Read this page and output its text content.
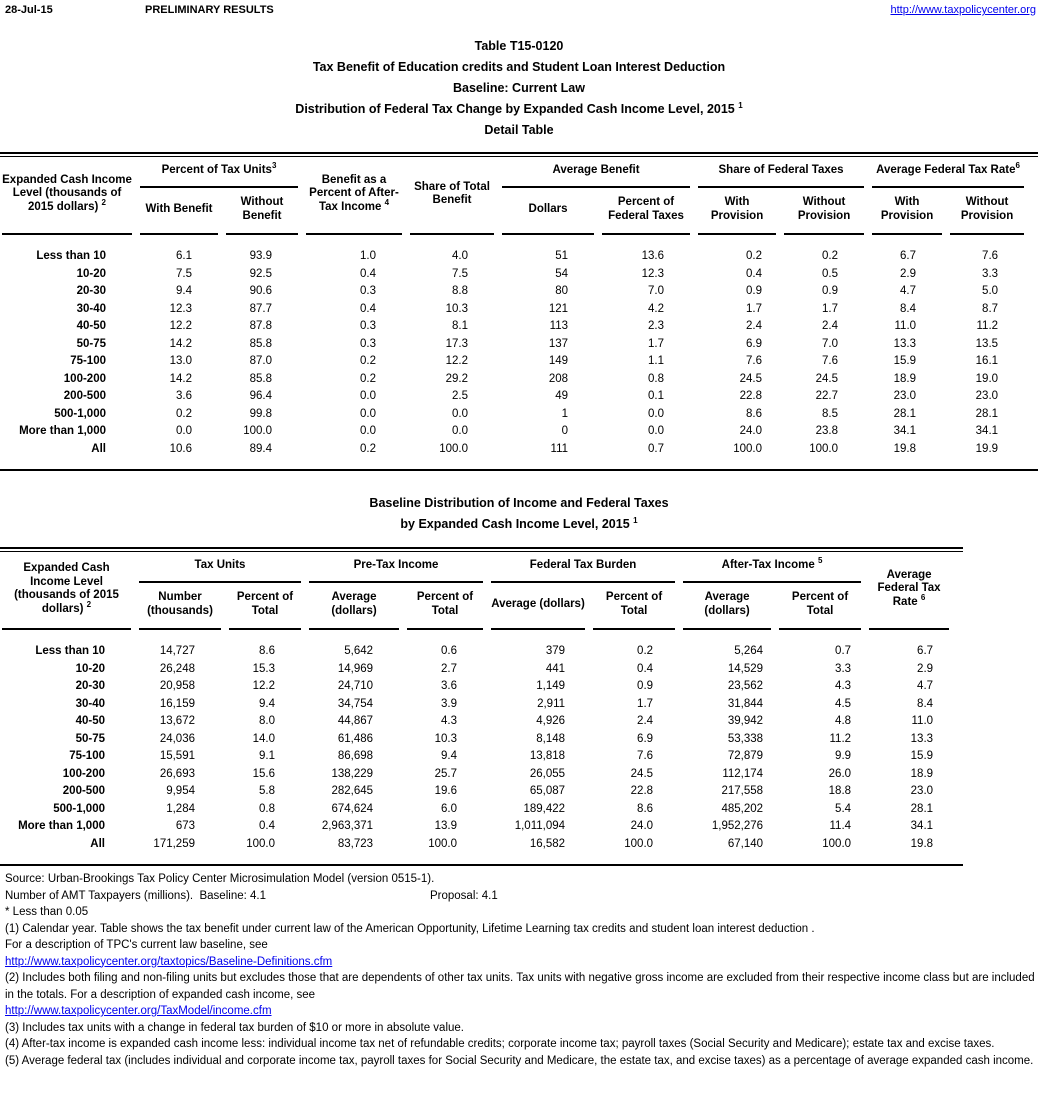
28-Jul-15	PRELIMINARY RESULTS	http://www.taxpolicycenter.org
Table T15-0120
Tax Benefit of Education credits and Student Loan Interest Deduction
Baseline: Current Law
Distribution of Federal Tax Change by Expanded Cash Income Level, 2015 $^1$
Detail Table
Expanded Cash Income Level (thousands of 2015 dollars) $^2$	Percent of Tax Units$^3$		Benefit as a Percent of After-Tax Income $^4$	Share of Total Benefit	Average Benefit		Share of Federal Taxes		Average Federal Tax Rate$^6$
	With Benefit	Without Benefit			Dollars	Percent of Federal Taxes	With Provision	Without Provision	With Provision	Without Provision
Less than 10	6.1	93.9	1.0	4.0	51	13.6	0.2	0.2	6.7	7.6
10-20	7.5	92.5	0.4	7.5	54	12.3	0.4	0.5	2.9	3.3
20-30	9.4	90.6	0.3	8.8	80	7.0	0.9	0.9	4.7	5.0
30-40	12.3	87.7	0.4	10.3	121	4.2	1.7	1.7	8.4	8.7
40-50	12.2	87.8	0.3	8.1	113	2.3	2.4	2.4	11.0	11.2
50-75	14.2	85.8	0.3	17.3	137	1.7	6.9	7.0	13.3	13.5
75-100	13.0	87.0	0.2	12.2	149	1.1	7.6	7.6	15.9	16.1
100-200	14.2	85.8	0.2	29.2	208	0.8	24.5	24.5	18.9	19.0
200-500	3.6	96.4	0.0	2.5	49	0.1	22.8	22.7	23.0	23.0
500-1,000	0.2	99.8	0.0	0.0	1	0.0	8.6	8.5	28.1	28.1
More than 1,000	0.0	100.0	0.0	0.0	0	0.0	24.0	23.8	34.1	34.1
All	10.6	89.4	0.2	100.0	111	0.7	100.0	100.0	19.8	19.9
Baseline Distribution of Income and Federal Taxes
by Expanded Cash Income Level, 2015 $^1$
Expanded Cash Income Level (thousands of 2015 dollars) $^2$	Tax Units		Pre-Tax Income		Federal Tax Burden		After-Tax Income $^5$		Average Federal Tax Rate $^6$
	Number (thousands)	Percent of Total	Average (dollars)	Percent of Total	Average (dollars)	Percent of Total	Average (dollars)	Percent of Total	
Less than 10	14,727	8.6	5,642	0.6	379	0.2	5,264	0.7	6.7
10-20	26,248	15.3	14,969	2.7	441	0.4	14,529	3.3	2.9
20-30	20,958	12.2	24,710	3.6	1,149	0.9	23,562	4.3	4.7
30-40	16,159	9.4	34,754	3.9	2,911	1.7	31,844	4.5	8.4
40-50	13,672	8.0	44,867	4.3	4,926	2.4	39,942	4.8	11.0
50-75	24,036	14.0	61,486	10.3	8,148	6.9	53,338	11.2	13.3
75-100	15,591	9.1	86,698	9.4	13,818	7.6	72,879	9.9	15.9
100-200	26,693	15.6	138,229	25.7	26,055	24.5	112,174	26.0	18.9
200-500	9,954	5.8	282,645	19.6	65,087	22.8	217,558	18.8	23.0
500-1,000	1,284	0.8	674,624	6.0	189,422	8.6	485,202	5.4	28.1
More than 1,000	673	0.4	2,963,371	13.9	1,011,094	24.0	1,952,276	11.4	34.1
All	171,259	100.0	83,723	100.0	16,582	100.0	67,140	100.0	19.8
Source: Urban-Brookings Tax Policy Center Microsimulation Model (version 0515-1).
Number of AMT Taxpayers (millions).  Baseline: 4.1	Proposal: 4.1
* Less than 0.05
(1) Calendar year. Table shows the tax benefit under current law of the American Opportunity, Lifetime Learning tax credits and student loan interest deduction .
For a description of TPC's current law baseline, see
http://www.taxpolicycenter.org/taxtopics/Baseline-Definitions.cfm
(2) Includes both filing and non-filing units but excludes those that are dependents of other tax units. Tax units with negative gross income are excluded from their respective income class but are included in the totals. For a description of expanded cash income, see
http://www.taxpolicycenter.org/TaxModel/income.cfm
(3) Includes tax units with a change in federal tax burden of $10 or more in absolute value.
(4) After-tax income is expanded cash income less: individual income tax net of refundable credits; corporate income tax; payroll taxes (Social Security and Medicare); estate tax and excise taxes.
(5) Average federal tax (includes individual and corporate income tax, payroll taxes for Social Security and Medicare, the estate tax, and excise taxes) as a percentage of average expanded cash income.
